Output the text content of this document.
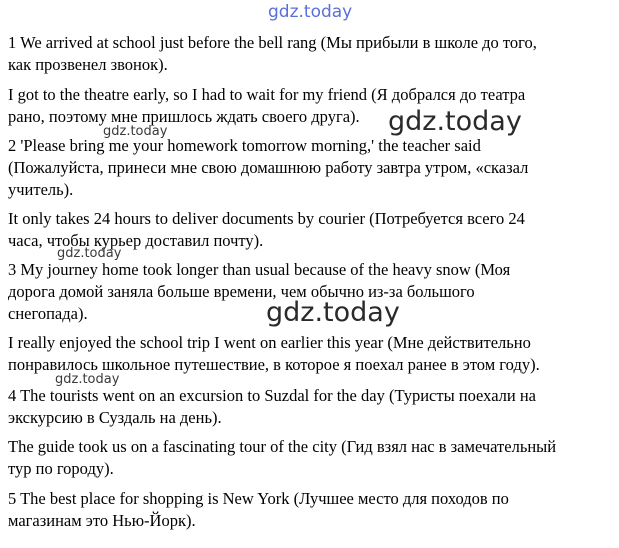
gdz.today

1 We arrived at school just before the bell rang (Мы прибыли в школе до того,
как прозвенел звонок).

I got to the theatre early, so I had to wait for my friend (Я добрался до театра
рано, поэтому мне пришлось ждать своего друга).	gdz.today
gdz.today

2 'Please bring me your homework tomorrow morning,' the teacher said
(Пожалуйста, принеси мне свою домашнюю работу завтра утром, «сказал
учитель).

It only takes 24 hours to deliver documents by courier (Потребуется всего 24
часа, чтобы курьер доставил почту).

gdz.today

3 My journey home took longer than usual because of the heavy snow (Моя
дорога домой заняла больше времени, чем обычно из-за большого
снегопада).	gdz.today

I really enjoyed the school trip I went on earlier this year (Мне действительно
понравилось школьное путешествие, в которое я поехал ранее в этом году).

gdz.today

4 The tourists went on an excursion to Suzdal for the day (Туристы поехали на
экскурсию в Суздаль на день).

The guide took us on a fascinating tour of the city (Гид взял нас в замечательный
тур по городу).

5 The best place for shopping is New York (Лучшее место для походов по
магазинам это Нью-Йорк).
